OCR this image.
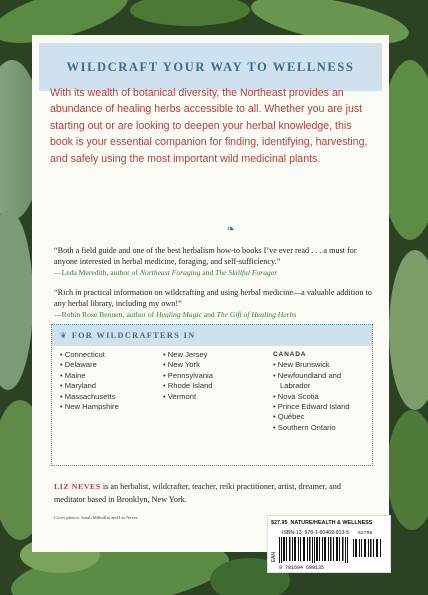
WILDCRAFT YOUR WAY TO WELLNESS
With its wealth of botanical diversity, the Northeast provides an abundance of healing herbs accessible to all. Whether you are just starting out or are looking to deepen your herbal knowledge, this book is your essential companion for finding, identifying, harvesting, and safely using the most important wild medicinal plants.
❧
“Both a field guide and one of the best herbalism how-to books I’ve ever read . . . a must for anyone interested in herbal medicine, foraging, and self-sufficiency.”
—Leda Meredith, author of Northeast Foraging and The Skillful Forager
“Rich in practical information on wildcrafting and using herbal medicine—a valuable addition to any herbal library, including my own!”
—Robin Rose Bennett, author of Healing Magic and The Gift of Healing Herbs
❦ FOR WILDCRAFTERS IN
• Connecticut
• Delaware
• Maine
• Maryland
• Massachusetts
• New Hampshire
• New Jersey
• New York
• Pennsylvania
• Rhode Island
• Vermont
CANADA
• New Brunswick
• Newfoundland and
Labrador
• Nova Scotia
• Prince Edward Island
• Québec
• Southern Ontario
LIZ NEVES is an herbalist, wildcrafter, teacher, reiki practitioner, artist, dreamer, and meditator based in Brooklyn, New York.
Cover photos: Sarah Milhollin and Liz Neves
$27.95 NATURE/HEALTH & WELLNESS
ISBN-13: 978-1-60469-913-5
EAN
52795
9 781604 699135
